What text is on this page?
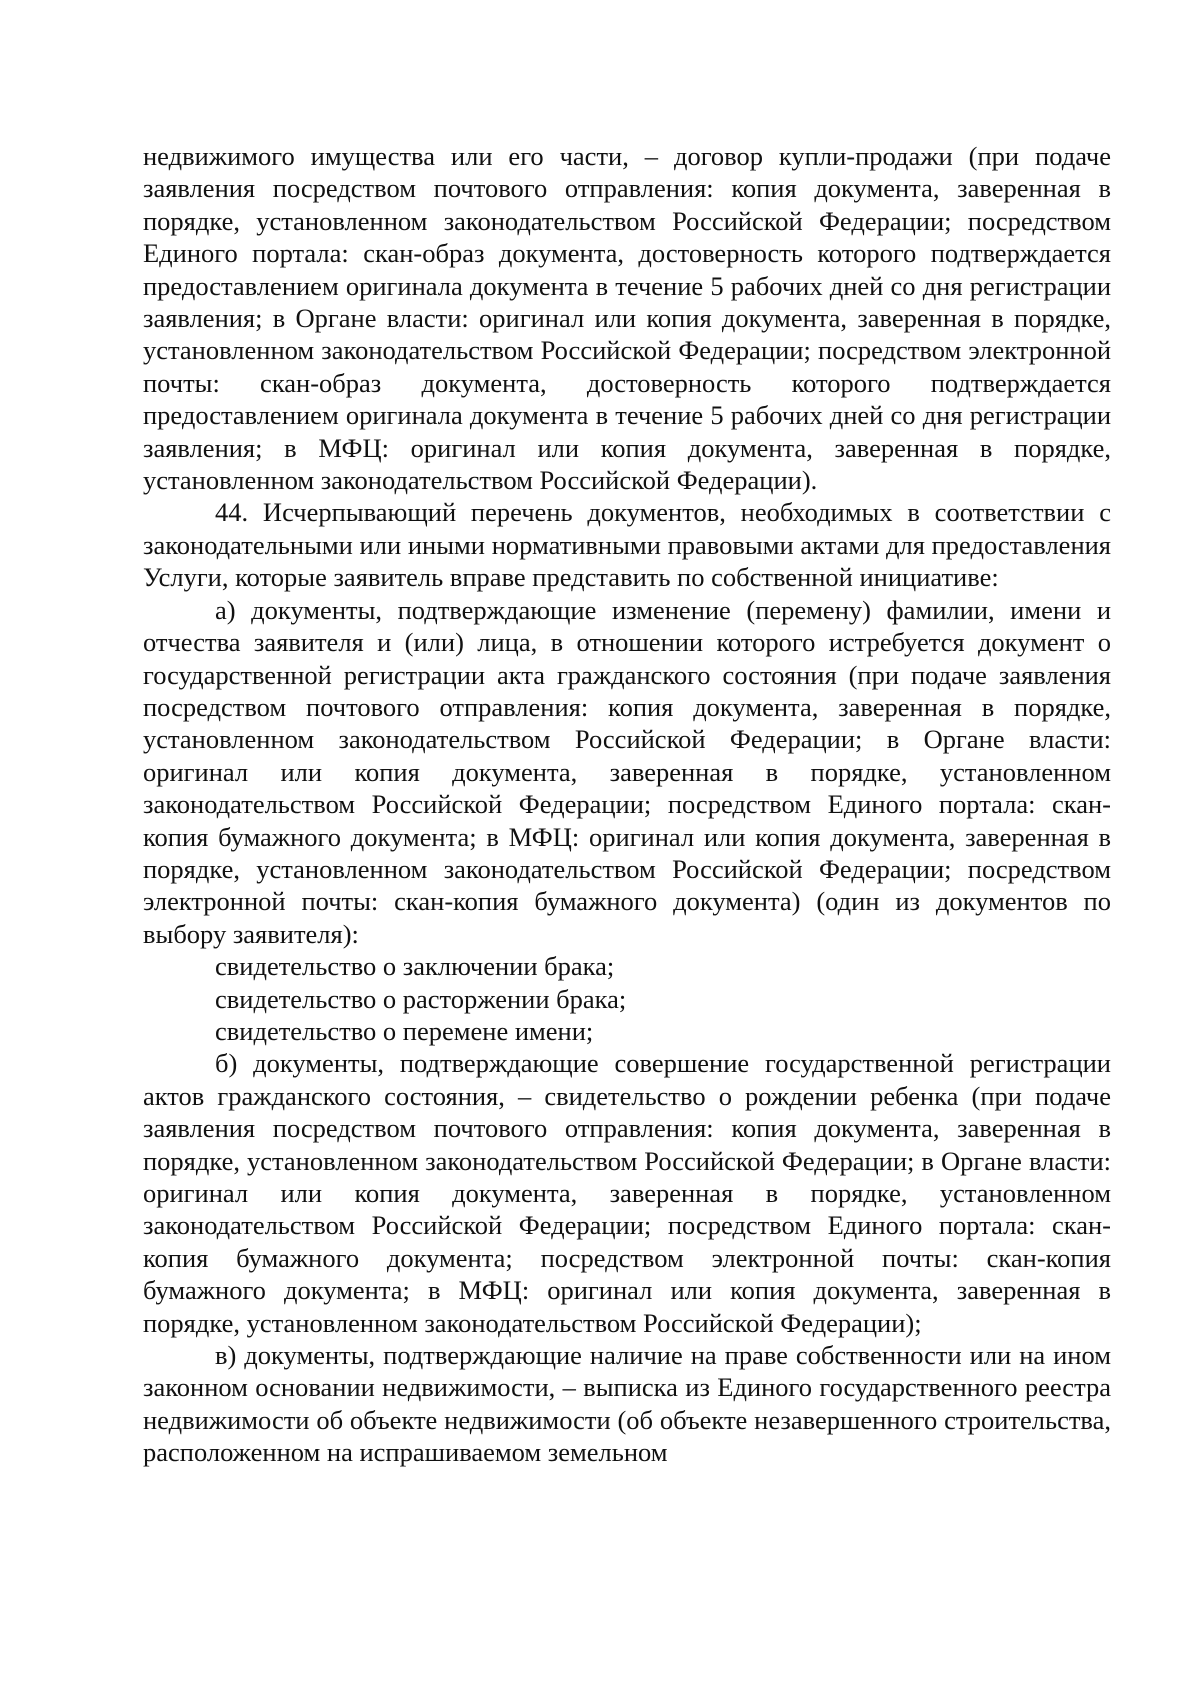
недвижимого имущества или его части, – договор купли-продажи (при подаче заявления посредством почтового отправления: копия документа, заверенная в порядке, установленном законодательством Российской Федерации; посредством Единого портала: скан-образ документа, достоверность которого подтверждается предоставлением оригинала документа в течение 5 рабочих дней со дня регистрации заявления; в Органе власти: оригинал или копия документа, заверенная в порядке, установленном законодательством Российской Федерации; посредством электронной почты: скан-образ документа, достоверность которого подтверждается предоставлением оригинала документа в течение 5 рабочих дней со дня регистрации заявления; в МФЦ: оригинал или копия документа, заверенная в порядке, установленном законодательством Российской Федерации).

44. Исчерпывающий перечень документов, необходимых в соответствии с законодательными или иными нормативными правовыми актами для предоставления Услуги, которые заявитель вправе представить по собственной инициативе:

а) документы, подтверждающие изменение (перемену) фамилии, имени и отчества заявителя и (или) лица, в отношении которого истребуется документ о государственной регистрации акта гражданского состояния (при подаче заявления посредством почтового отправления: копия документа, заверенная в порядке, установленном законодательством Российской Федерации; в Органе власти: оригинал или копия документа, заверенная в порядке, установленном законодательством Российской Федерации; посредством Единого портала: скан-копия бумажного документа; в МФЦ: оригинал или копия документа, заверенная в порядке, установленном законодательством Российской Федерации; посредством электронной почты: скан-копия бумажного документа) (один из документов по выбору заявителя):

свидетельство о заключении брака;

свидетельство о расторжении брака;

свидетельство о перемене имени;

б) документы, подтверждающие совершение государственной регистрации актов гражданского состояния, – свидетельство о рождении ребенка (при подаче заявления посредством почтового отправления: копия документа, заверенная в порядке, установленном законодательством Российской Федерации; в Органе власти: оригинал или копия документа, заверенная в порядке, установленном законодательством Российской Федерации; посредством Единого портала: скан-копия бумажного документа; посредством электронной почты: скан-копия бумажного документа; в МФЦ: оригинал или копия документа, заверенная в порядке, установленном законодательством Российской Федерации);

в) документы, подтверждающие наличие на праве собственности или на ином законном основании недвижимости, – выписка из Единого государственного реестра недвижимости об объекте недвижимости (об объекте незавершенного строительства, расположенном на испрашиваемом земельном
